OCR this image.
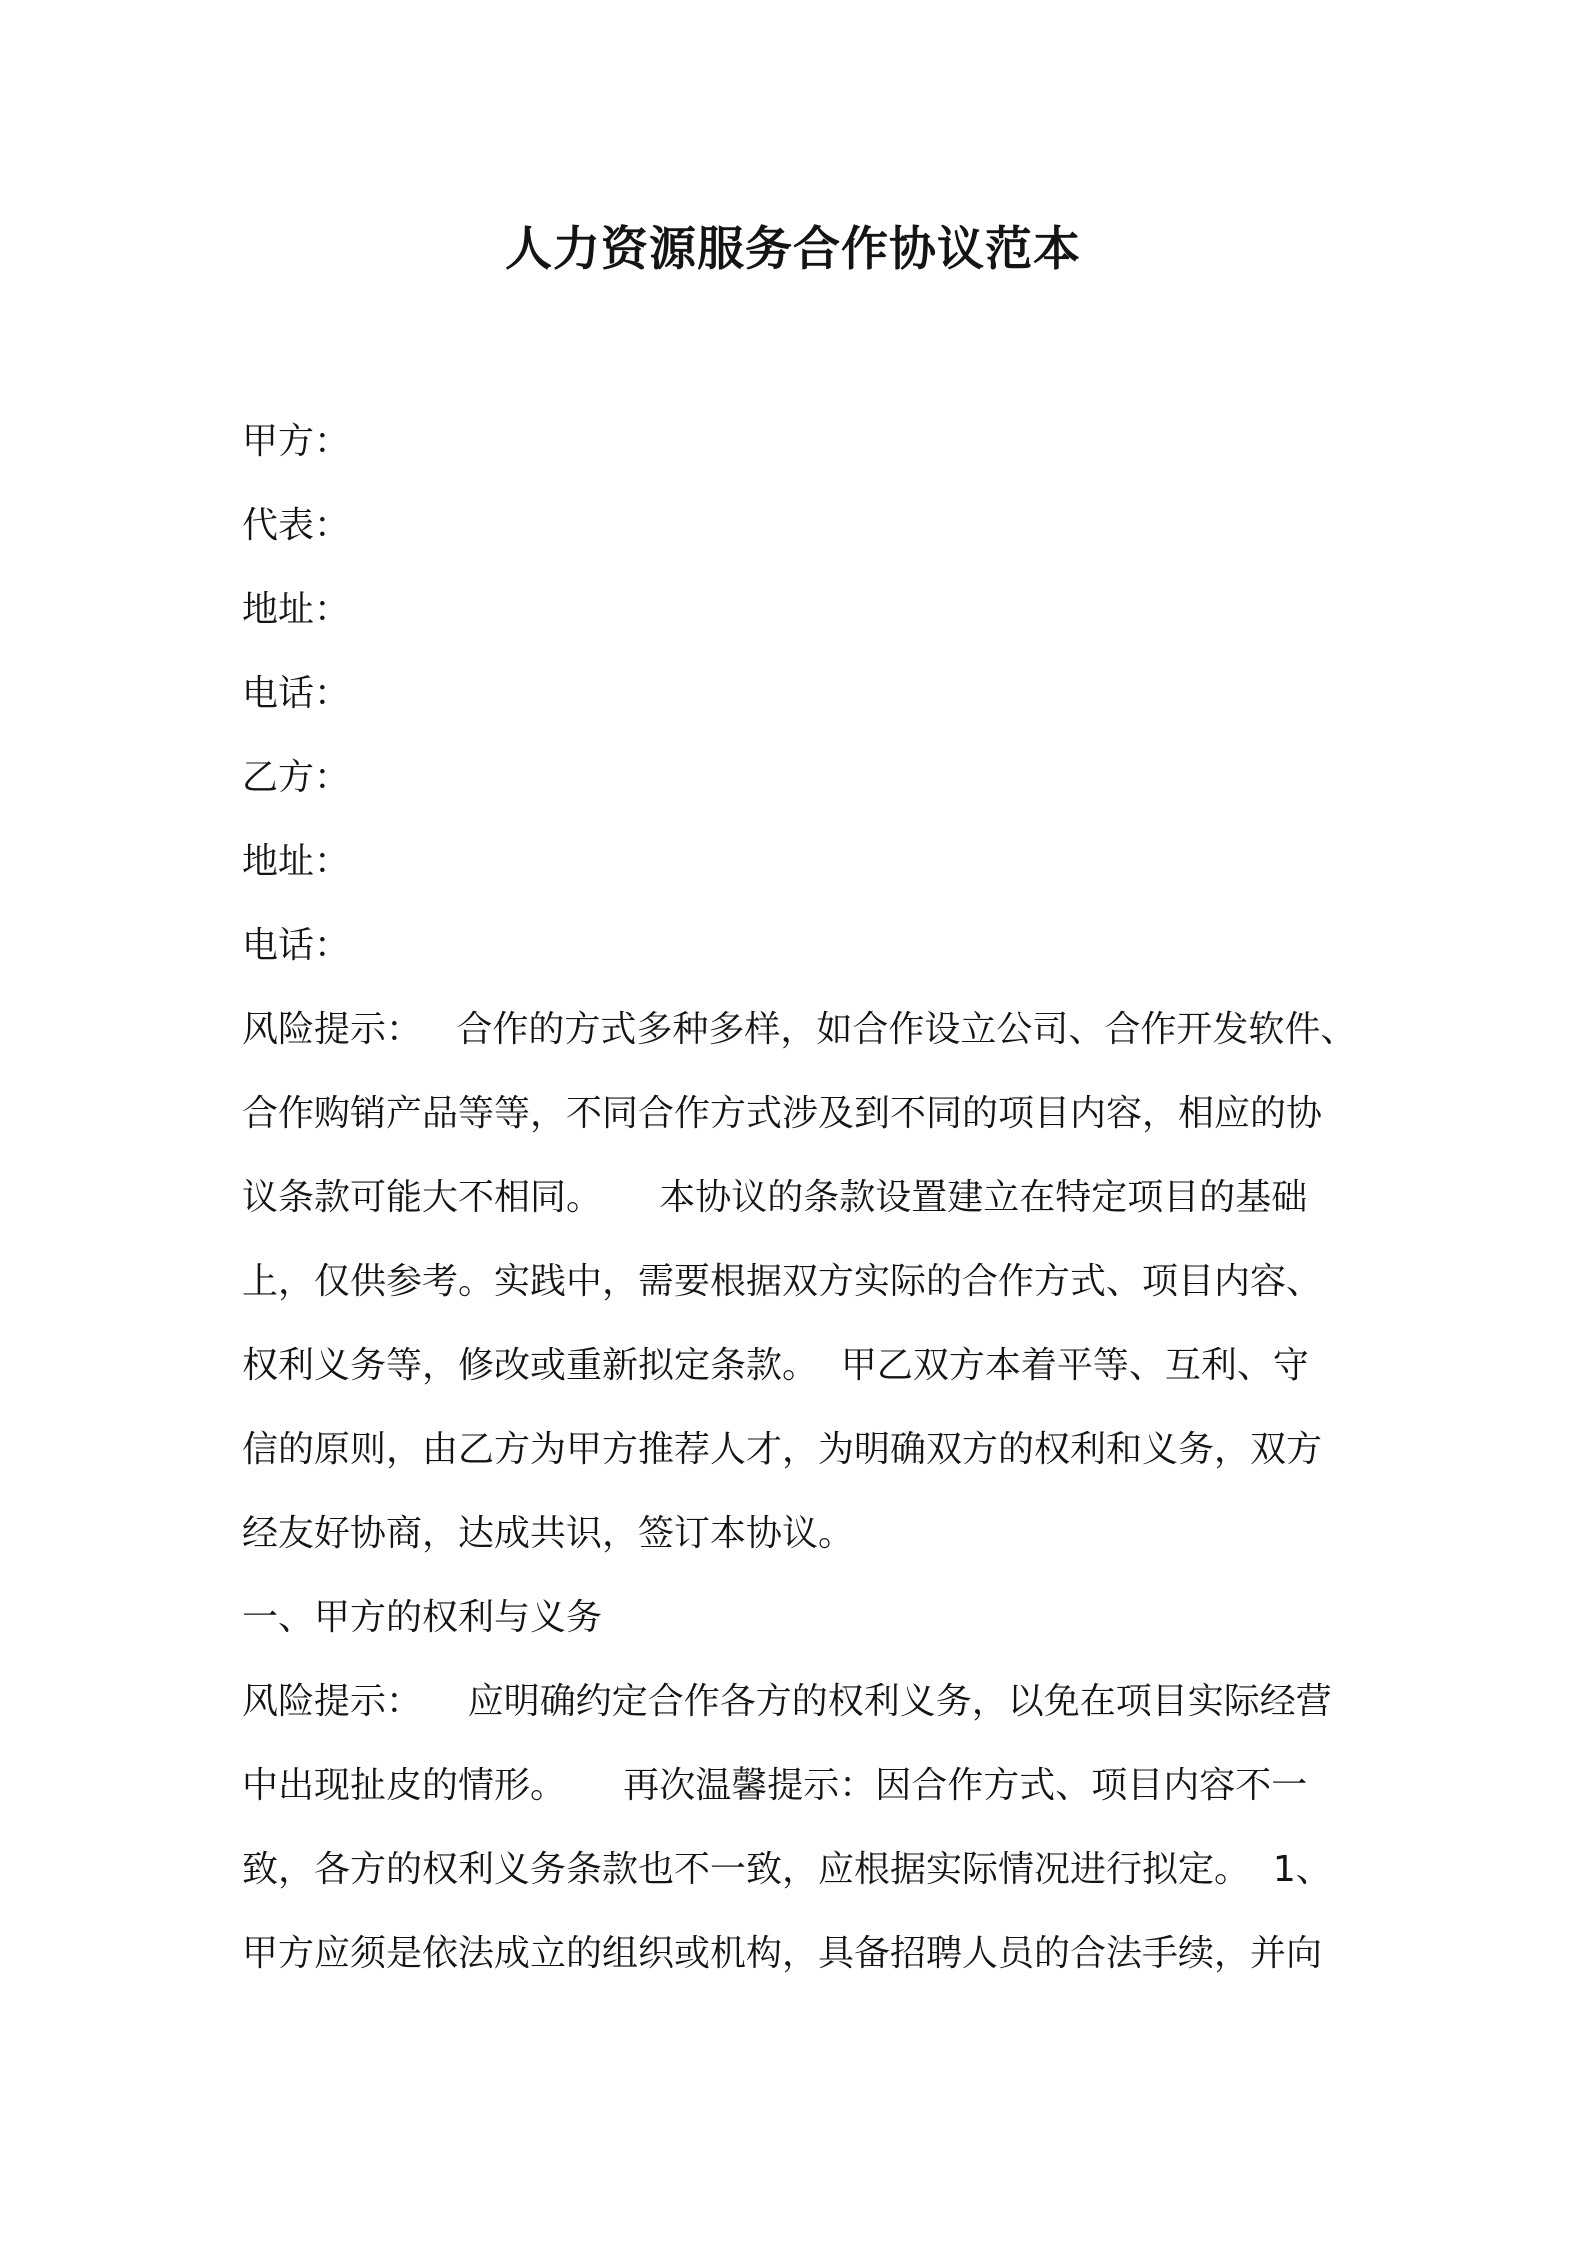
人力资源服务合作协议范本
甲方：
代表：
地址：
电话：
乙方：
地址：
电话：
风险提示：   合作的方式多种多样，如合作设立公司、合作开发软件、
合作购销产品等等，不同合作方式涉及到不同的项目内容，相应的协
议条款可能大不相同。     本协议的条款设置建立在特定项目的基础
上，仅供参考。实践中，需要根据双方实际的合作方式、项目内容、
权利义务等，修改或重新拟定条款。  甲乙双方本着平等、互利、守
信的原则，由乙方为甲方推荐人才，为明确双方的权利和义务，双方
经友好协商，达成共识，签订本协议。
一、甲方的权利与义务
风险提示：    应明确约定合作各方的权利义务，以免在项目实际经营
中出现扯皮的情形。     再次温馨提示：因合作方式、项目内容不一
致，各方的权利义务条款也不一致，应根据实际情况进行拟定。  1、
甲方应须是依法成立的组织或机构，具备招聘人员的合法手续，并向
